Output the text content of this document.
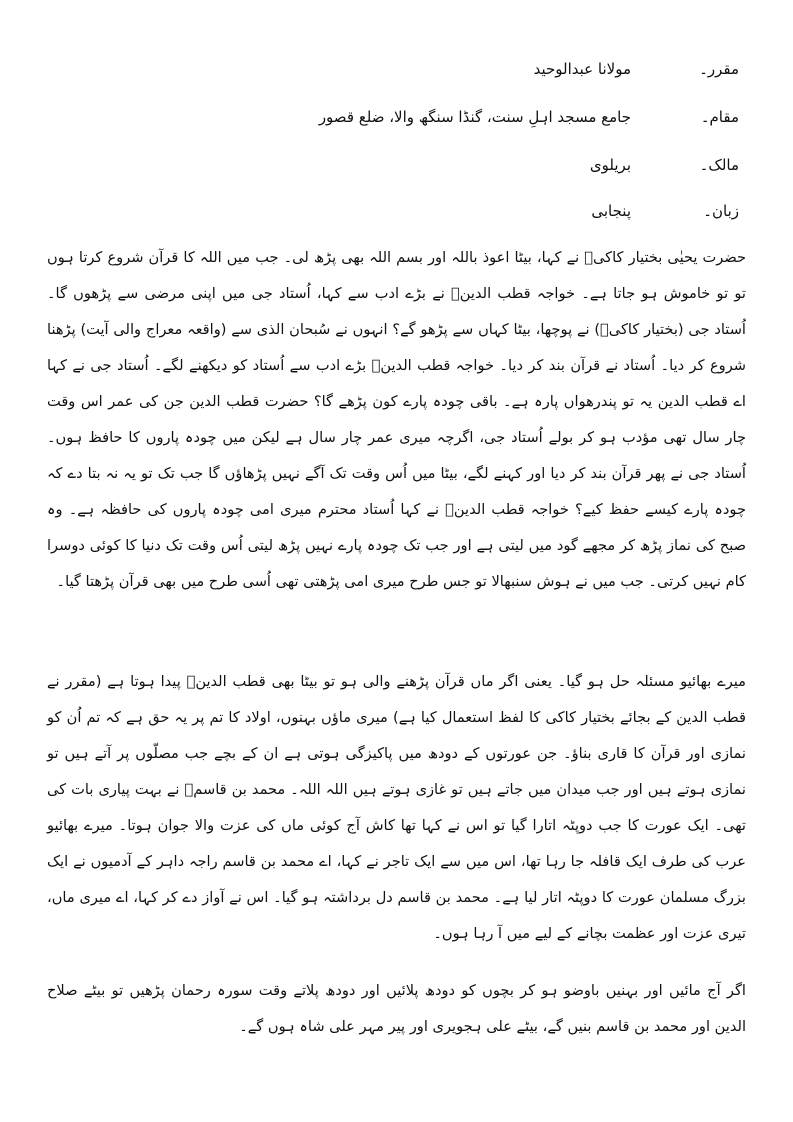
مقرر۔مولانا عبدالوحید
مقام۔جامع مسجد اہلِ سنت، گنڈا سنگھ والا، ضلع قصور
مالک۔بریلوی
زبان۔پنجابی

حضرت یحیٰی بختیار کاکیؒ نے کہا، بیٹا اعوذ باللہ اور بسم اللہ بھی پڑھ لی۔ جب میں اللہ کا قرآن شروع کرتا ہوں تو تو خاموش ہو جاتا ہے۔ خواجہ قطب الدینؒ نے بڑے ادب سے کہا، اُستاد جی میں اپنی مرضی سے پڑھوں گا۔ اُستاد جی (بختیار کاکیؒ) نے پوچھا، بیٹا کہاں سے پڑھو گے؟ انہوں نے سُبحان الذی سے (واقعہ معراج والی آیت) پڑھنا شروع کر دیا۔ اُستاد نے قرآن بند کر دیا۔ خواجہ قطب الدینؒ بڑے ادب سے اُستاد کو دیکھنے لگے۔ اُستاد جی نے کہا اے قطب الدین یہ تو پندرھواں پارہ ہے۔ باقی چودہ پارے کون پڑھے گا؟ حضرت قطب الدین جن کی عمر اس وقت چار سال تھی مؤدب ہو کر بولے اُستاد جی، اگرچہ میری عمر چار سال ہے لیکن میں چودہ پاروں کا حافظ ہوں۔ اُستاد جی نے پھر قرآن بند کر دیا اور کہنے لگے، بیٹا میں اُس وقت تک آگے نہیں پڑھاؤں گا جب تک تو یہ نہ بتا دے کہ چودہ پارے کیسے حفظ کیے؟ خواجہ قطب الدینؒ نے کہا اُستاد محترم میری امی چودہ پاروں کی حافظہ ہے۔ وہ صبح کی نماز پڑھ کر مجھے گود میں لیتی ہے اور جب تک چودہ پارے نہیں پڑھ لیتی اُس وقت تک دنیا کا کوئی دوسرا کام نہیں کرتی۔ جب میں نے ہوش سنبھالا تو جس طرح میری امی پڑھتی تھی اُسی طرح میں بھی قرآن پڑھتا گیا۔

میرے بھائیو مسئلہ حل ہو گیا۔ یعنی اگر ماں قرآن پڑھنے والی ہو تو بیٹا بھی قطب الدینؒ پیدا ہوتا ہے (مقرر نے قطب الدین کے بجائے بختیار کاکی کا لفظ استعمال کیا ہے) میری ماؤں بہنوں، اولاد کا تم پر یہ حق ہے کہ تم اُن کو نمازی اور قرآن کا قاری بناؤ۔ جن عورتوں کے دودھ میں پاکیزگی ہوتی ہے ان کے بچے جب مصلّوں پر آتے ہیں تو نمازی ہوتے ہیں اور جب میدان میں جاتے ہیں تو غازی ہوتے ہیں اللہ اللہ۔ محمد بن قاسمؒ نے بہت پیاری بات کی تھی۔ ایک عورت کا جب دوپٹہ اتارا گیا تو اس نے کہا تھا کاش آج کوئی ماں کی عزت والا جوان ہوتا۔ میرے بھائیو عرب کی طرف ایک قافلہ جا رہا تھا، اس میں سے ایک تاجر نے کہا، اے محمد بن قاسم راجہ داہر کے آدمیوں نے ایک بزرگ مسلمان عورت کا دوپٹہ اتار لیا ہے۔ محمد بن قاسم دل برداشتہ ہو گیا۔ اس نے آواز دے کر کہا، اے میری ماں، تیری عزت اور عظمت بچانے کے لیے میں آ رہا ہوں۔

اگر آج مائیں اور بہنیں باوضو ہو کر بچوں کو دودھ پلائیں اور دودھ پلاتے وقت سورہ رحمان پڑھیں تو بیٹے صلاح الدین اور محمد بن قاسم بنیں گے، بیٹے علی ہجویری اور پیر مہر علی شاہ ہوں گے۔
